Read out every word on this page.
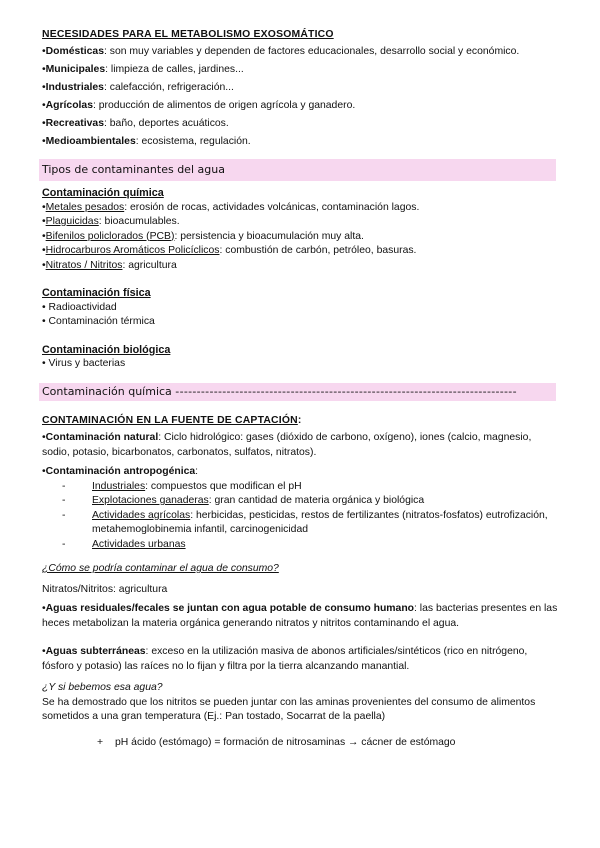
NECESIDADES PARA EL METABOLISMO EXOSOMÁTICO
•Domésticas: son muy variables y dependen de factores educacionales, desarrollo social y económico.
•Municipales: limpieza de calles, jardines...
•Industriales: calefacción, refrigeración...
•Agrícolas: producción de alimentos de origen agrícola y ganadero.
•Recreativas: baño, deportes acuáticos.
•Medioambientales: ecosistema, regulación.
Tipos de contaminantes del agua
Contaminación química
•Metales pesados: erosión de rocas, actividades volcánicas, contaminación lagos.
•Plaguicidas: bioacumulables.
•Bifenilos policlorados (PCB): persistencia y bioacumulación muy alta.
•Hidrocarburos Aromáticos Policíclicos: combustión de carbón, petróleo, basuras.
•Nitratos / Nitritos: agricultura
Contaminación física
• Radioactividad
• Contaminación térmica
Contaminación biológica
• Virus y bacterias
Contaminación química --------------------------------------------------------------------------------
CONTAMINACIÓN EN LA FUENTE DE CAPTACIÓN:
•Contaminación natural: Ciclo hidrológico: gases (dióxido de carbono, oxígeno), iones (calcio, magnesio, sodio, potasio, bicarbonatos, carbonatos, sulfatos, nitratos).
•Contaminación antropogénica:
-	Industriales: compuestos que modifican el pH
-	Explotaciones ganaderas: gran cantidad de materia orgánica y biológica
-	Actividades agrícolas: herbicidas, pesticidas, restos de fertilizantes (nitratos-fosfatos) eutrofización, metahemoglobinemia infantil, carcinogenicidad
-	Actividades urbanas
¿Cómo se podría contaminar el agua de consumo?
Nitratos/Nitritos: agricultura
•Aguas residuales/fecales se juntan con agua potable de consumo humano: las bacterias presentes en las heces metabolizan la materia orgánica generando nitratos y nitritos contaminando el agua.
•Aguas subterráneas: exceso en la utilización masiva de abonos artificiales/sintéticos (rico en nitrógeno, fósforo y potasio) las raíces no lo fijan y filtra por la tierra alcanzando manantial.
¿Y si bebemos esa agua?
Se ha demostrado que los nitritos se pueden juntar con las aminas provenientes del consumo de alimentos sometidos a una gran temperatura (Ej.: Pan tostado, Socarrat de la paella)
+ pH ácido (estómago) = formación de nitrosaminas → cácner de estómago
